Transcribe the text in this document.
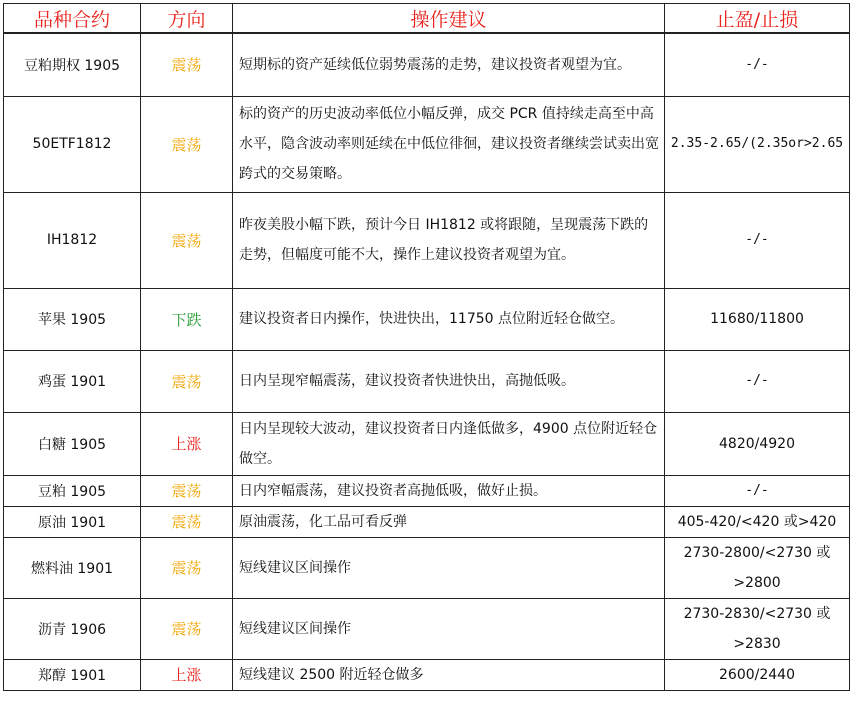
品种合约	方向	操作建议	止盈/止损
豆粕期权 1905	震荡	短期标的资产延续低位弱势震荡的走势，建议投资者观望为宜。	-/-
50ETF1812	震荡	标的资产的历史波动率低位小幅反弹，成交 PCR 值持续走高至中高水平，隐含波动率则延续在中低位徘徊，建议投资者继续尝试卖出宽跨式的交易策略。	2.35-2.65/(2.35or>2.65
IH1812	震荡	昨夜美股小幅下跌，预计今日 IH1812 或将跟随，呈现震荡下跌的走势，但幅度可能不大，操作上建议投资者观望为宜。	-/-
苹果 1905	下跌	建议投资者日内操作，快进快出，11750 点位附近轻仓做空。	11680/11800
鸡蛋 1901	震荡	日内呈现窄幅震荡，建议投资者快进快出，高抛低吸。	-/-
白糖 1905	上涨	日内呈现较大波动，建议投资者日内逢低做多，4900 点位附近轻仓做空。	4820/4920
豆粕 1905	震荡	日内窄幅震荡，建议投资者高抛低吸，做好止损。	-/-
原油 1901	震荡	原油震荡，化工品可看反弹	405-420/<420 或>420
燃料油 1901	震荡	短线建议区间操作	2730-2800/<2730 或>2800
沥青 1906	震荡	短线建议区间操作	2730-2830/<2730 或>2830
郑醇 1901	上涨	短线建议 2500 附近轻仓做多	2600/2440
